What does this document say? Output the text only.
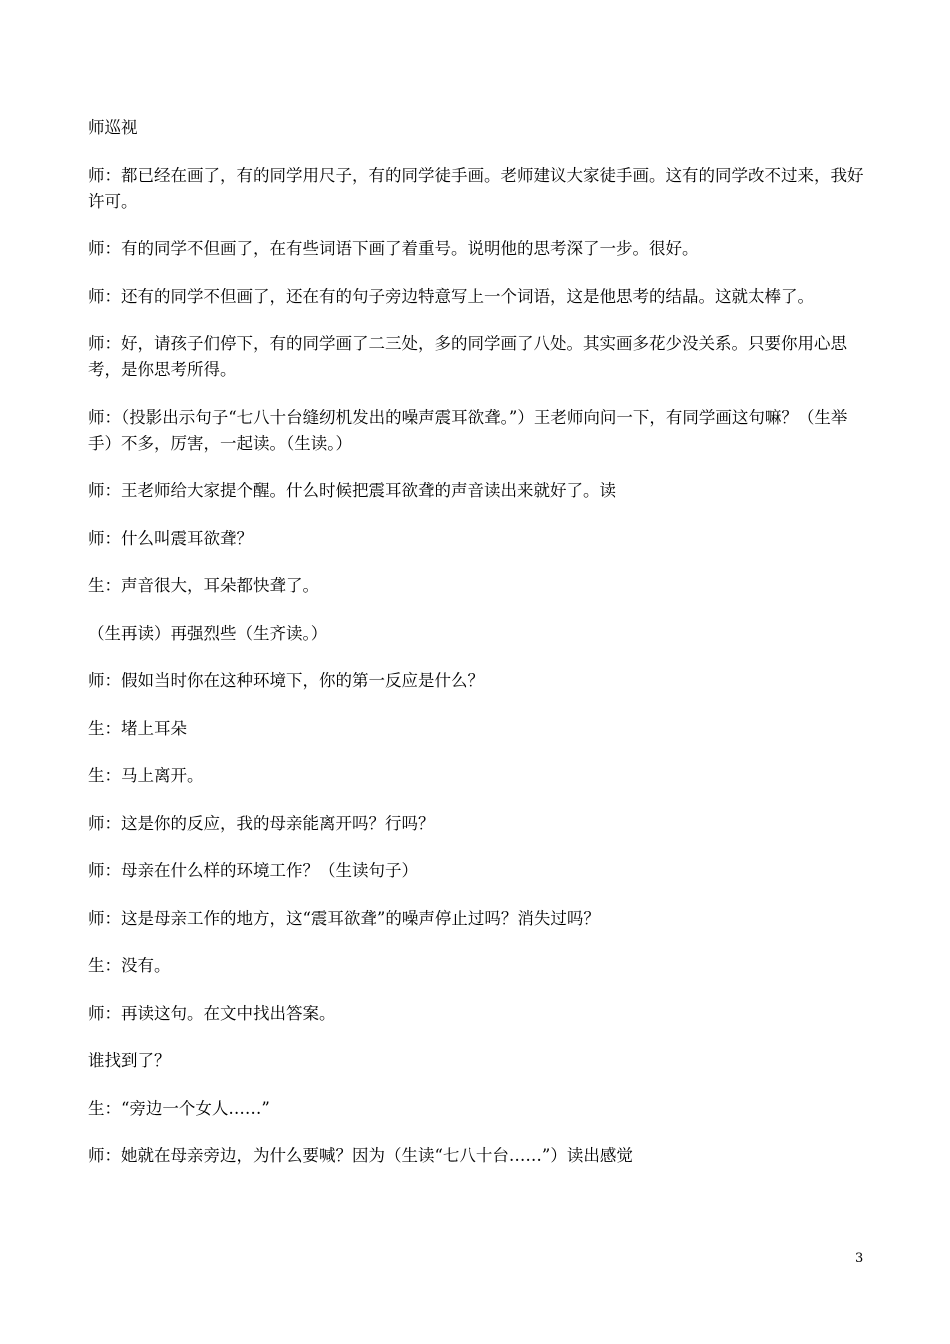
师巡视

师：都已经在画了，有的同学用尺子，有的同学徒手画。老师建议大家徒手画。这有的同学改不过来，我好许可。

师：有的同学不但画了，在有些词语下画了着重号。说明他的思考深了一步。很好。

师：还有的同学不但画了，还在有的句子旁边特意写上一个词语，这是他思考的结晶。这就太棒了。

师：好，请孩子们停下，有的同学画了二三处，多的同学画了八处。其实画多花少没关系。只要你用心思考，是你思考所得。

师：（投影出示句子“七八十台缝纫机发出的噪声震耳欲聋。”）王老师向问一下，有同学画这句嘛？（生举手）不多，厉害，一起读。（生读。）

师：王老师给大家提个醒。什么时候把震耳欲聋的声音读出来就好了。读

师：什么叫震耳欲聋？

生：声音很大，耳朵都快聋了。

（生再读）再强烈些（生齐读。）

师：假如当时你在这种环境下，你的第一反应是什么？

生：堵上耳朵

生：马上离开。

师：这是你的反应，我的母亲能离开吗？行吗？

师：母亲在什么样的环境工作？（生读句子）

师：这是母亲工作的地方，这“震耳欲聋”的噪声停止过吗？消失过吗？

生：没有。

师：再读这句。在文中找出答案。

谁找到了？

生：“旁边一个女人……”

师：她就在母亲旁边，为什么要喊？因为（生读“七八十台……”）读出感觉

3
